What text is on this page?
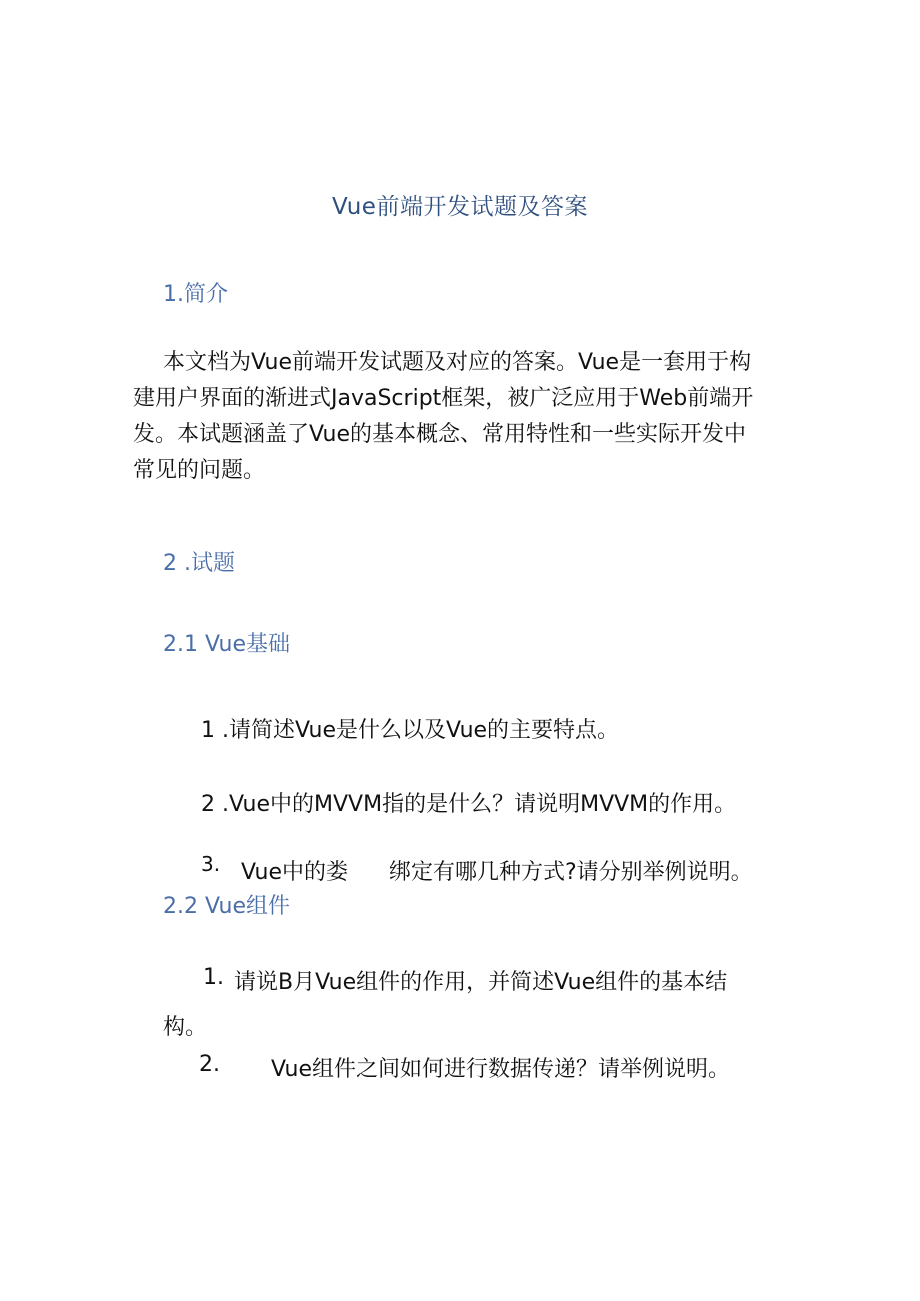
Vue前端开发试题及答案
1.简介
本文档为Vue前端开发试题及对应的答案。Vue是一套用于构
建用户界面的渐进式JavaScript框架，被广泛应用于Web前端开
发。本试题涵盖了Vue的基本概念、常用特性和一些实际开发中
常见的问题。
2 .试题
2.1 Vue基础
1 .请简述Vue是什么以及Vue的主要特点。
2 .Vue中的MVVM指的是什么？请说明MVVM的作用。
3. Vue中的娄 绑定有哪几种方式?请分别举例说明。
2.2 Vue组件
1. 请说B月Vue组件的作用，并简述Vue组件的基本结
构。
2. Vue组件之间如何进行数据传递？请举例说明。
